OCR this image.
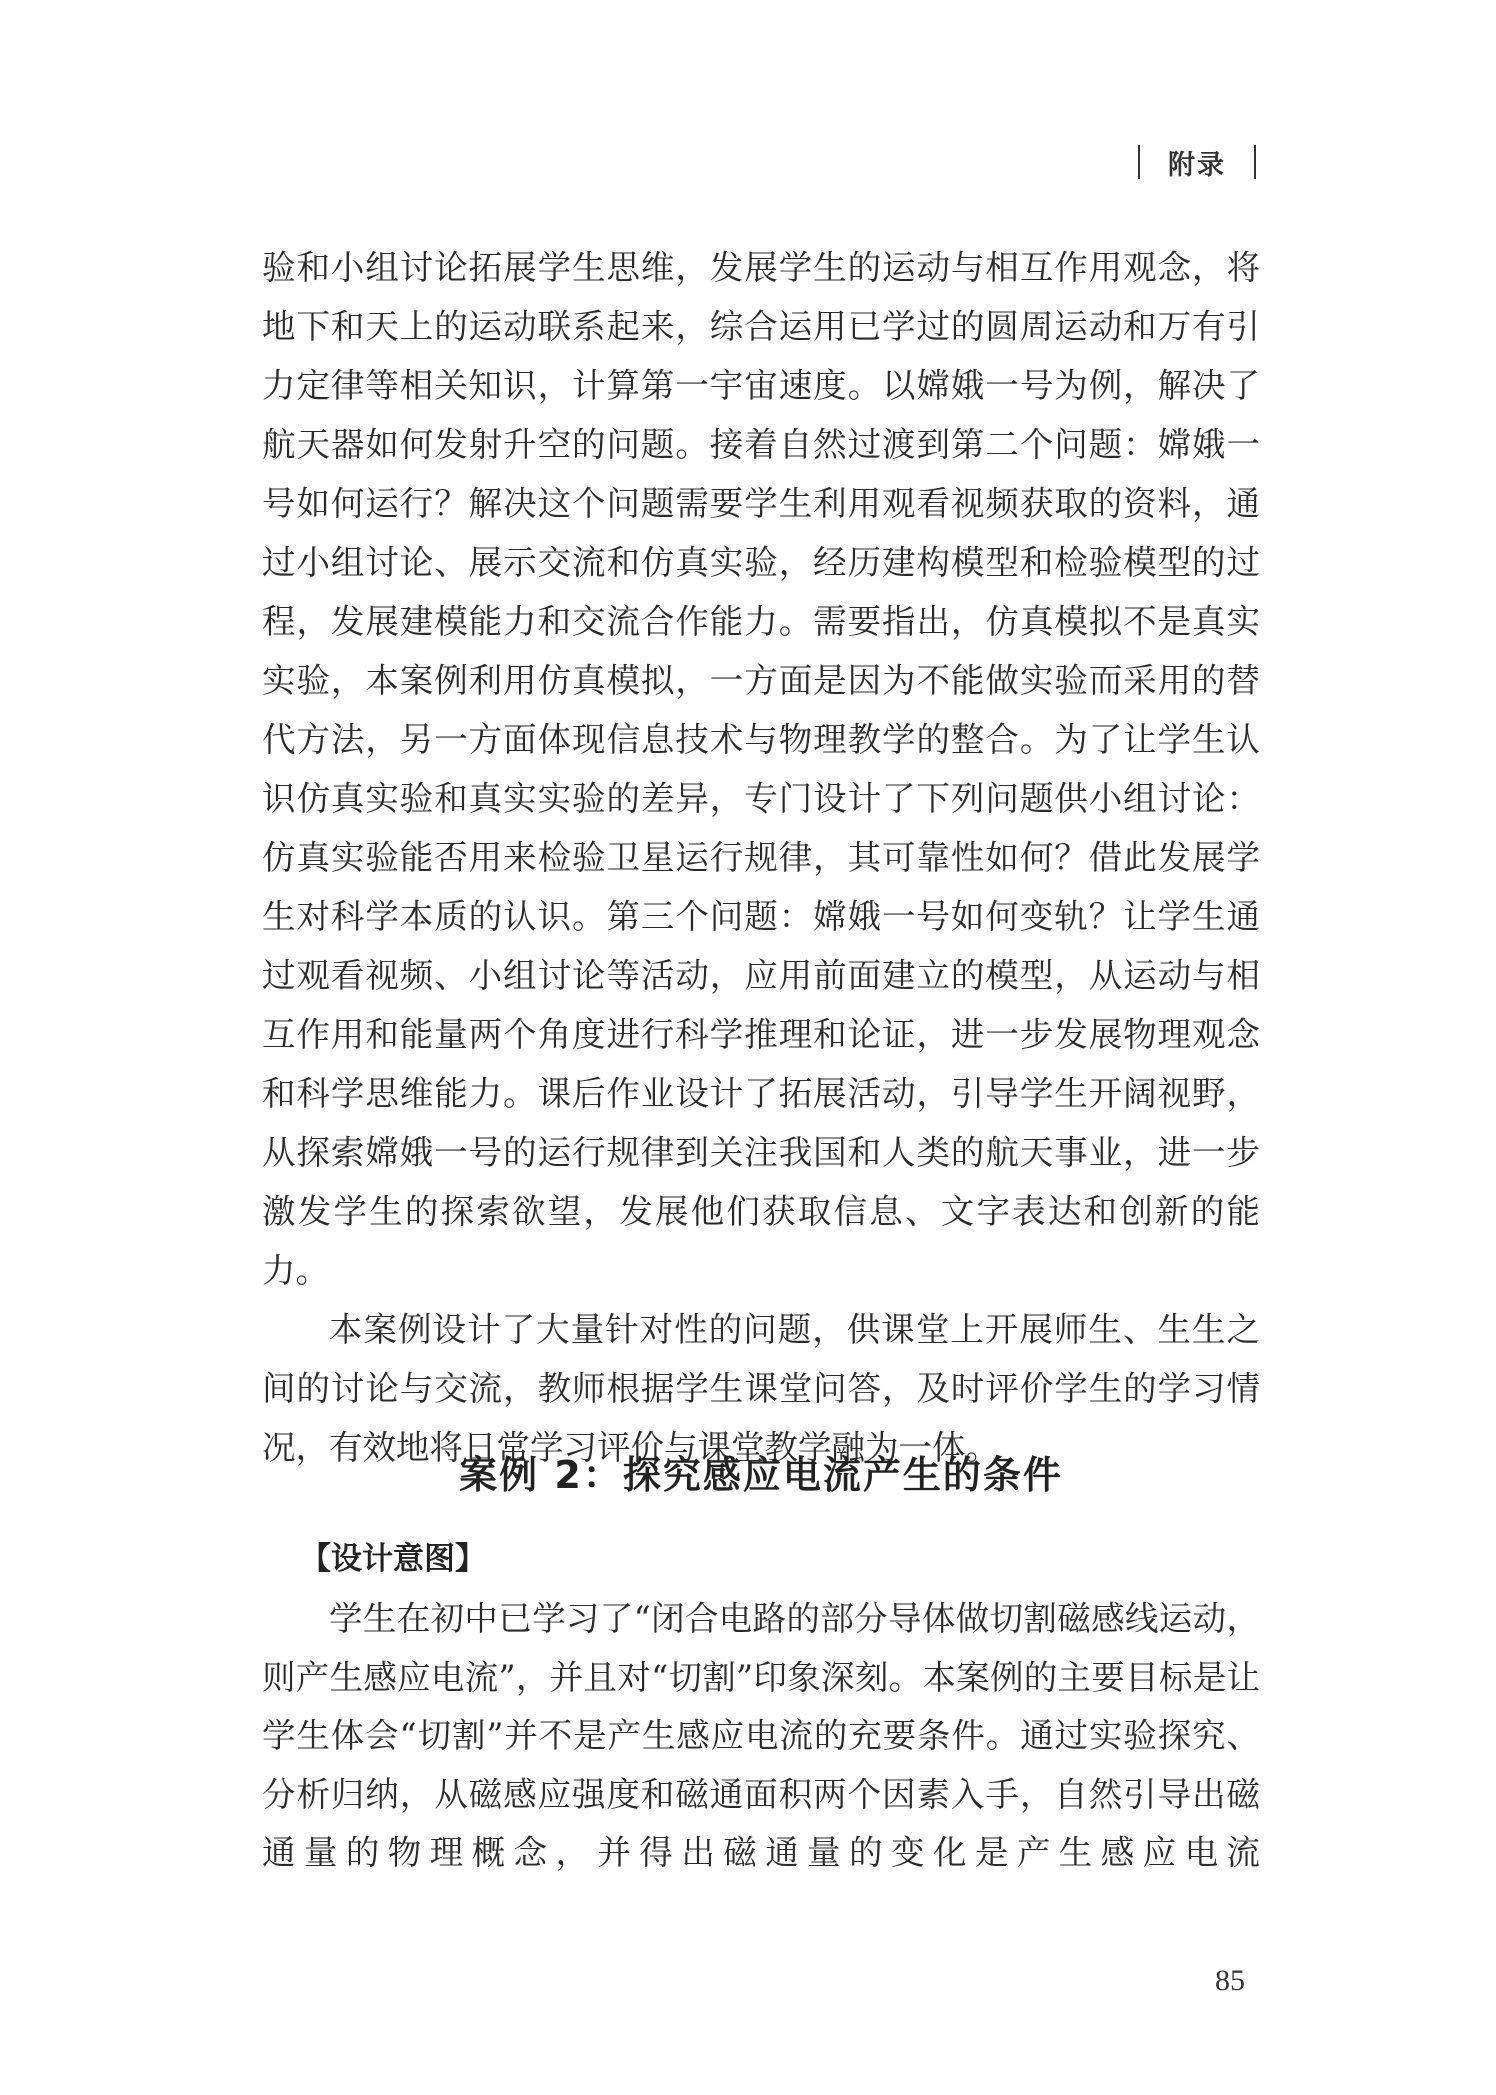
附录

验和小组讨论拓展学生思维，发展学生的运动与相互作用观念，将地下和天上的运动联系起来，综合运用已学过的圆周运动和万有引力定律等相关知识，计算第一宇宙速度。以嫦娥一号为例，解决了航天器如何发射升空的问题。接着自然过渡到第二个问题：嫦娥一号如何运行？解决这个问题需要学生利用观看视频获取的资料，通过小组讨论、展示交流和仿真实验，经历建构模型和检验模型的过程，发展建模能力和交流合作能力。需要指出，仿真模拟不是真实实验，本案例利用仿真模拟，一方面是因为不能做实验而采用的替代方法，另一方面体现信息技术与物理教学的整合。为了让学生认识仿真实验和真实实验的差异，专门设计了下列问题供小组讨论：仿真实验能否用来检验卫星运行规律，其可靠性如何？借此发展学生对科学本质的认识。第三个问题：嫦娥一号如何变轨？让学生通过观看视频、小组讨论等活动，应用前面建立的模型，从运动与相互作用和能量两个角度进行科学推理和论证，进一步发展物理观念和科学思维能力。课后作业设计了拓展活动，引导学生开阔视野，从探索嫦娥一号的运行规律到关注我国和人类的航天事业，进一步激发学生的探索欲望，发展他们获取信息、文字表达和创新的能力。

本案例设计了大量针对性的问题，供课堂上开展师生、生生之间的讨论与交流，教师根据学生课堂问答，及时评价学生的学习情况，有效地将日常学习评价与课堂教学融为一体。

案例 2：探究感应电流产生的条件
【设计意图】

学生在初中已学习了“闭合电路的部分导体做切割磁感线运动，则产生感应电流”，并且对“切割”印象深刻。本案例的主要目标是让学生体会“切割”并不是产生感应电流的充要条件。通过实验探究、分析归纳，从磁感应强度和磁通面积两个因素入手，自然引导出磁通量的物理概念，并得出磁通量的变化是产生感应电流

85
